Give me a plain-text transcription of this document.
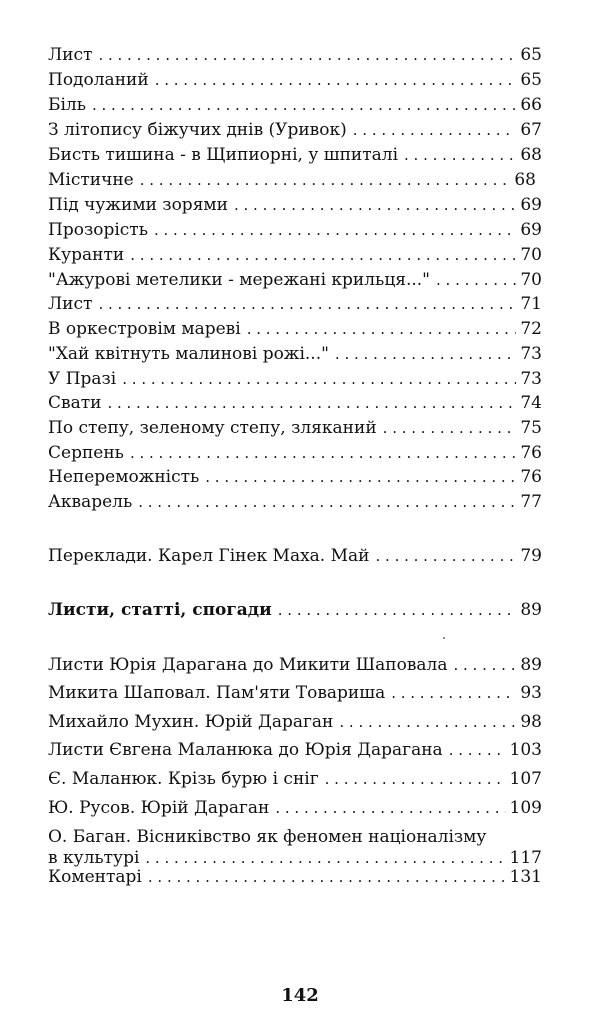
Лист . . .	65
Подоланий . . .	65
Біль . . .	66
З літопису біжучих днів (Уривок) . . .	67
Бисть тишина - в Щипиорні, у шпиталі . . .	68
Містичне . . .	68
Під чужими зорями . . .	69
Прозорість . . .	69
Куранти . . .	70
"Ажурові метелики - мережані крильця..." . . .	70
Лист . . .	71
В оркестровім мареві . . .	72
"Хай квітнуть малинові рожі..." . . .	73
У Празі . . .	73
Свати . . .	74
По степу, зеленому степу, зляканий . . .	75
Серпень . . .	76
Непереможність . . .	76
Акварель . . .	77
Переклади. Карел Гінек Маха. Май . . .	79
Листи, статті, спогади . . .	89
Листи Юрія Дарагана до Микити Шаповала . . .	89
Микита Шаповал. Пам'яти Товариша . . .	93
Михайло Мухин. Юрій Дараган . . .	98
Листи Євгена Маланюка до Юрія Дарагана . . .	103
Є. Маланюк. Крізь бурю і сніг . . .	107
Ю. Русов. Юрій Дараган . . .	109
О. Баган. Вісниківство як феномен націоналізму
в культурі . . .	117
Коментарі . . .	131
142
